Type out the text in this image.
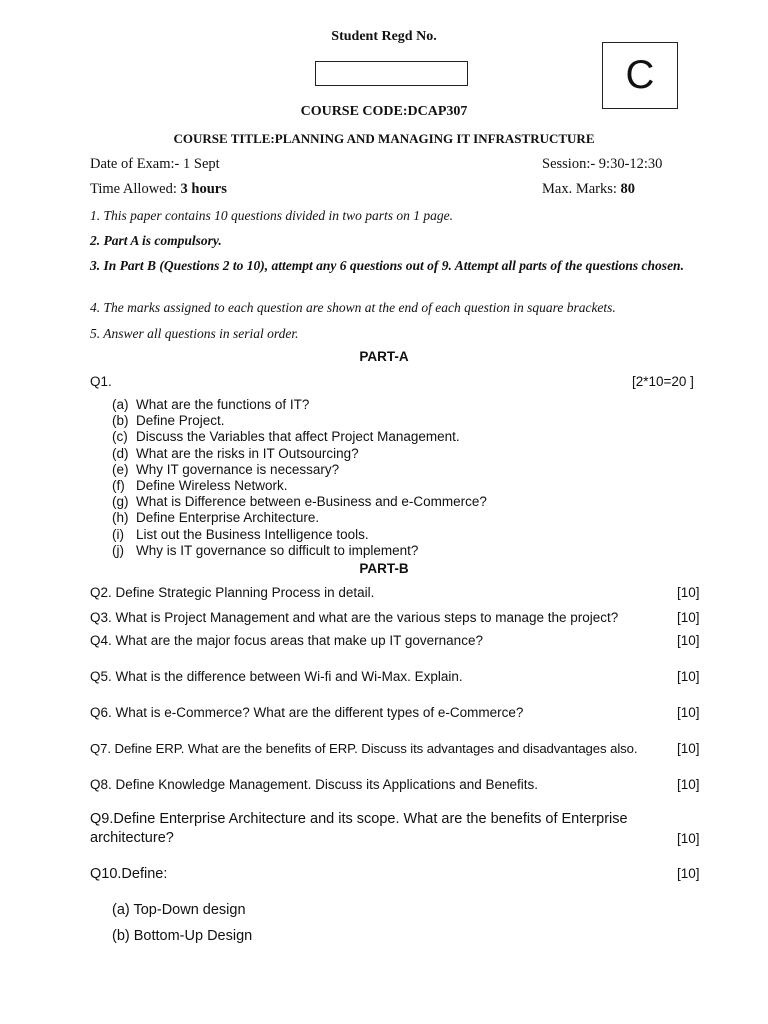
Student Regd No.
C
COURSE CODE:DCAP307
COURSE TITLE:PLANNING AND MANAGING IT INFRASTRUCTURE
Date of Exam:- 1 Sept	Session:- 9:30-12:30
Time Allowed: 3 hours	Max. Marks: 80
1. This paper contains 10 questions divided in two parts on 1 page.
2. Part A is compulsory.
3. In Part B (Questions 2 to 10), attempt any 6 questions out of 9. Attempt all parts of the questions chosen.
4. The marks assigned to each question are shown at the end of each question in square brackets.
5. Answer all questions in serial order.
PART-A
Q1.	[2*10=20 ]
(a) What are the functions of IT?
(b) Define Project.
(c) Discuss the Variables that affect Project Management.
(d) What are the risks in IT Outsourcing?
(e) Why IT governance is necessary?
(f) Define Wireless Network.
(g) What is Difference between e-Business and e-Commerce?
(h) Define Enterprise Architecture.
(i) List out the Business Intelligence tools.
(j) Why is IT governance so difficult to implement?
PART-B
Q2. Define Strategic Planning Process in detail.	[10]
Q3. What is Project Management and what are the various steps to manage the project?	[10]
Q4. What are the major focus areas that make up IT governance?	[10]
Q5. What is the difference between Wi-fi and Wi-Max. Explain.	[10]
Q6. What is e-Commerce? What are the different types of e-Commerce?	[10]
Q7. Define ERP. What are the benefits of ERP. Discuss its advantages and disadvantages also.	[10]
Q8. Define Knowledge Management. Discuss its Applications and Benefits.	[10]
Q9.Define Enterprise Architecture and its scope. What are the benefits of Enterprise
architecture?	[10]
Q10.Define:	[10]
(a) Top-Down design
(b) Bottom-Up Design
